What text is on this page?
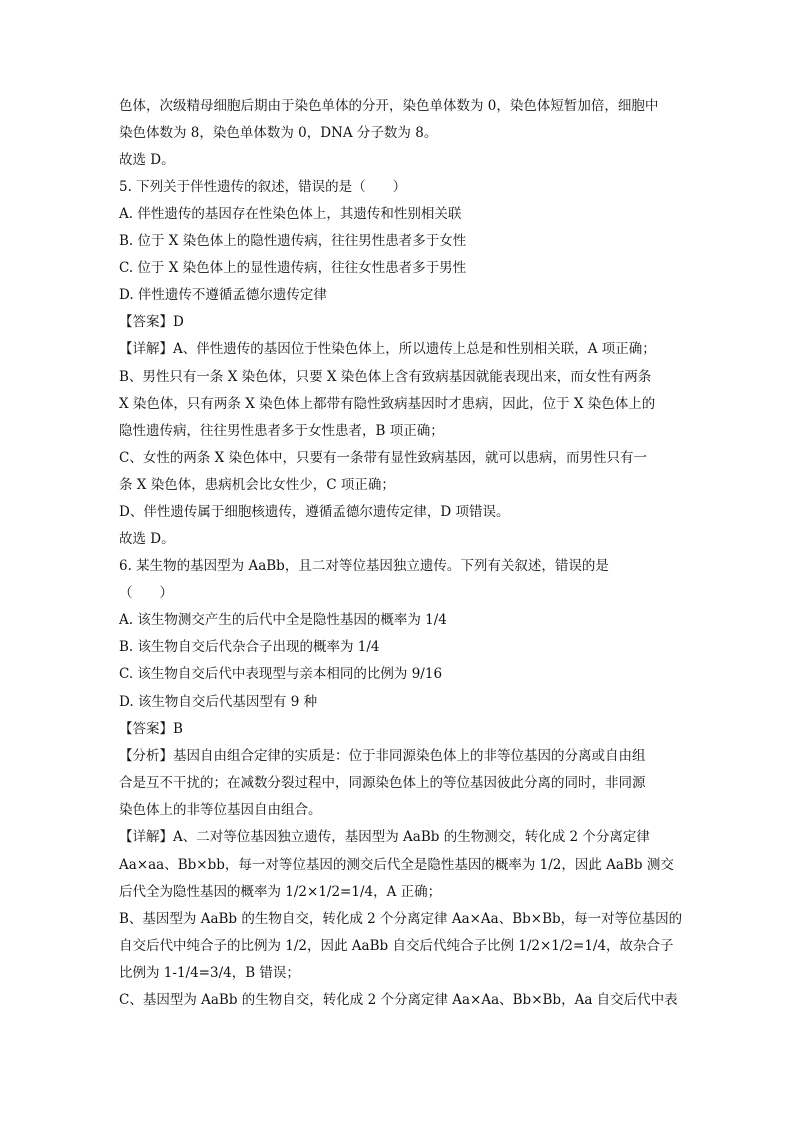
色体，次级精母细胞后期由于染色单体的分开，染色单体数为 0，染色体短暂加倍，细胞中
染色体数为 8，染色单体数为 0，DNA 分子数为 8。
故选 D。
5. 下列关于伴性遗传的叙述，错误的是（　　）
A. 伴性遗传的基因存在性染色体上，其遗传和性别相关联
B. 位于 X 染色体上的隐性遗传病，往往男性患者多于女性
C. 位于 X 染色体上的显性遗传病，往往女性患者多于男性
D. 伴性遗传不遵循孟德尔遗传定律
【答案】D
【详解】A、伴性遗传的基因位于性染色体上，所以遗传上总是和性别相关联，A 项正确；
B、男性只有一条 X 染色体，只要 X 染色体上含有致病基因就能表现出来，而女性有两条
X 染色体，只有两条 X 染色体上都带有隐性致病基因时才患病，因此，位于 X 染色体上的
隐性遗传病，往往男性患者多于女性患者，B 项正确；
C、女性的两条 X 染色体中，只要有一条带有显性致病基因，就可以患病，而男性只有一
条 X 染色体，患病机会比女性少，C 项正确；
D、伴性遗传属于细胞核遗传，遵循孟德尔遗传定律，D 项错误。
故选 D。
6. 某生物的基因型为 AaBb，且二对等位基因独立遗传。下列有关叙述，错误的是
（　　）
A. 该生物测交产生的后代中全是隐性基因的概率为 1/4
B. 该生物自交后代杂合子出现的概率为 1/4
C. 该生物自交后代中表现型与亲本相同的比例为 9/16
D. 该生物自交后代基因型有 9 种
【答案】B
【分析】基因自由组合定律的实质是：位于非同源染色体上的非等位基因的分离或自由组
合是互不干扰的；在减数分裂过程中，同源染色体上的等位基因彼此分离的同时，非同源
染色体上的非等位基因自由组合。
【详解】A、二对等位基因独立遗传，基因型为 AaBb 的生物测交，转化成 2 个分离定律
Aa×aa、Bb×bb，每一对等位基因的测交后代全是隐性基因的概率为 1/2，因此 AaBb 测交
后代全为隐性基因的概率为 1/2×1/2=1/4，A 正确；
B、基因型为 AaBb 的生物自交，转化成 2 个分离定律 Aa×Aa、Bb×Bb，每一对等位基因的
自交后代中纯合子的比例为 1/2，因此 AaBb 自交后代纯合子比例 1/2×1/2=1/4，故杂合子
比例为 1-1/4=3/4，B 错误；
C、基因型为 AaBb 的生物自交，转化成 2 个分离定律 Aa×Aa、Bb×Bb，Aa 自交后代中表
